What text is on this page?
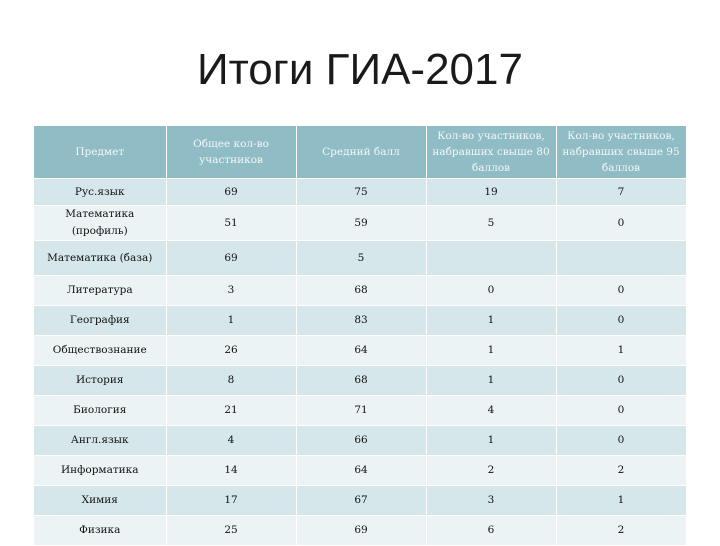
Итоги ГИА-2017
Предмет	Общее кол-во участников	Средний балл	Кол-во участников, набравших свыше 80 баллов	Кол-во участников, набравших свыше 95 баллов
Рус.язык	69	75	19	7
Математика (профиль)	51	59	5	0
Математика (база)	69	5		
Литература	3	68	0	0
География	1	83	1	0
Обществознание	26	64	1	1
История	8	68	1	0
Биология	21	71	4	0
Англ.язык	4	66	1	0
Информатика	14	64	2	2
Химия	17	67	3	1
Физика	25	69	6	2
